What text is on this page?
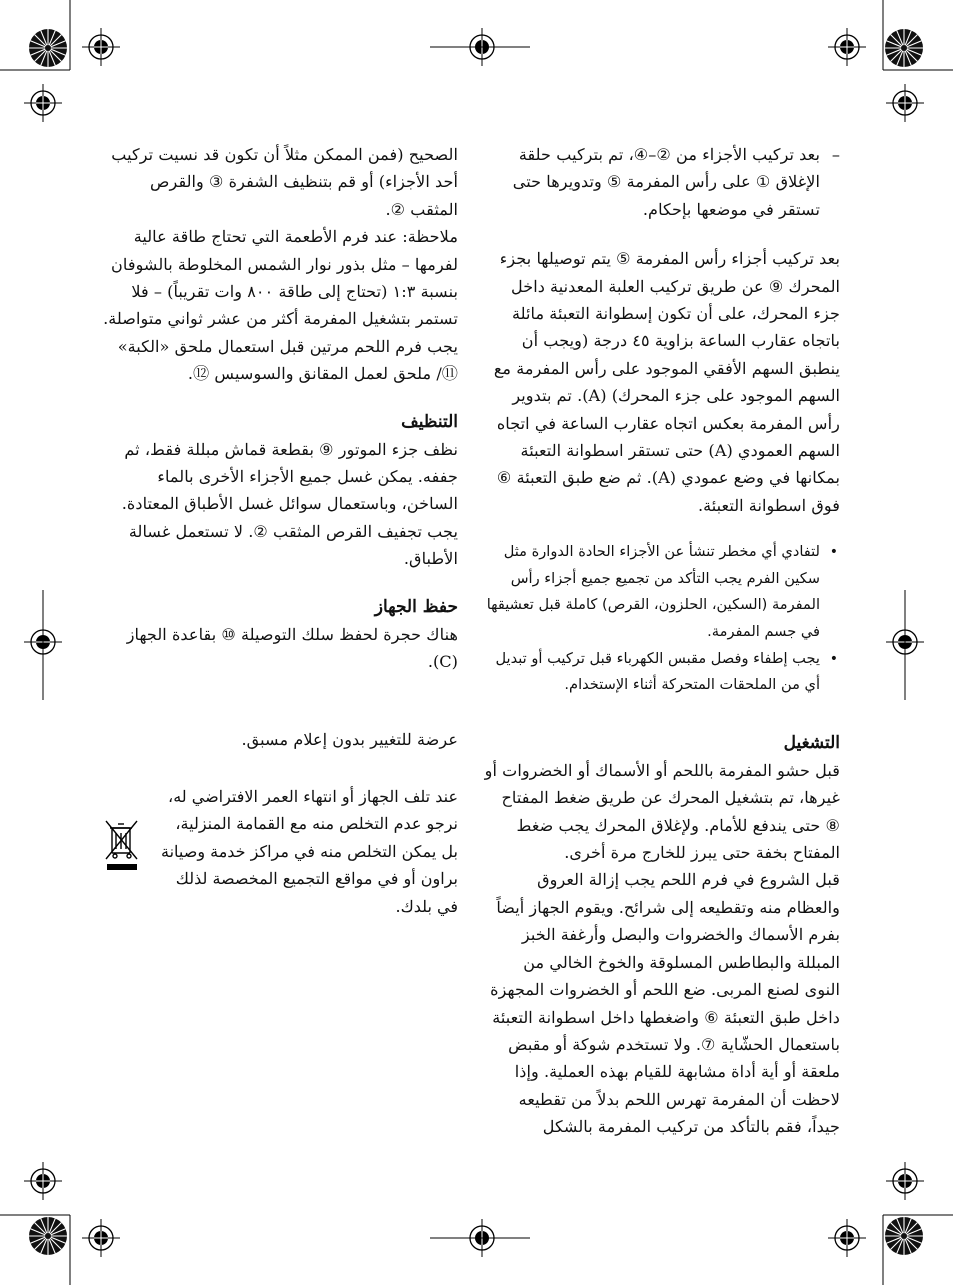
–

بعد تركيب الأجزاء من ②–④، تم بتركيب حلقة الإغلاق ① على رأس المفرمة ⑤ وتدويرها حتى تستقر في موضعها بإحكام.

بعد تركيب أجزاء رأس المفرمة ⑤ يتم توصيلها بجزء المحرك ⑨ عن طريق تركيب العلبة المعدنية داخل جزء المحرك، على أن تكون إسطوانة التعبئة مائلة باتجاه عقارب الساعة بزاوية ٤٥ درجة (ويجب أن ينطبق السهم الأفقي الموجود على رأس المفرمة مع السهم الموجود على جزء المحرك) (A). تم بتدوير رأس المفرمة بعكس اتجاه عقارب الساعة في اتجاه السهم العمودي (A) حتى تستقر اسطوانة التعبئة بمكانها في وضع عمودي (A). ثم ضع طبق التعبئة ⑥ فوق اسطوانة التعبئة.

• لتفادي أي مخطر تنشأ عن الأجزاء الحادة الدوارة مثل سكين الفرم يجب التأكد من تجميع جميع أجزاء رأس المفرمة (السكين، الحلزون، القرص) كاملة قبل تعشيقها في جسم المفرمة.
• يجب إطفاء وفصل مقبس الكهرباء قبل تركيب أو تبديل أي من الملحقات المتحركة أثناء الإستخدام.
التشغيل

قبل حشو المفرمة باللحم أو الأسماك أو الخضروات أو غيرها، تم بتشغيل المحرك عن طريق ضغط المفتاح ⑧ حتى يندفع للأمام. ولإغلاق المحرك يجب ضغط المفتاح بخفة حتى يبرز للخارج مرة أخرى.

قبل الشروع في فرم اللحم يجب إزالة العروق والعظام منه وتقطيعه إلى شرائح. ويقوم الجهاز أيضاً بفرم الأسماك والخضروات والبصل وأرغفة الخبز المبللة والبطاطس المسلوقة والخوخ الخالي من النوى لصنع المربى. ضع اللحم أو الخضروات المجهزة داخل طبق التعبئة ⑥ واضغطها داخل اسطوانة التعبئة باستعمال الحشّاية ⑦. ولا تستخدم شوكة أو مقبض ملعقة أو أية أداة مشابهة للقيام بهذه العملية. وإذا لاحظت أن المفرمة تهرس اللحم بدلاً من تقطيعه جيداً، فقم بالتأكد من تركيب المفرمة بالشكل

الصحيح (فمن الممكن مثلاً أن تكون قد نسيت تركيب أحد الأجزاء) أو قم بتنظيف الشفرة ③ والقرص المثقب ②.

ملاحظة: عند فرم الأطعمة التي تحتاج طاقة عالية لفرمها – مثل بذور نوار الشمس المخلوطة بالشوفان بنسبة ١:٣ (تحتاج إلى طاقة ٨٠٠ وات تقريباً) – فلا تستمر بتشغيل المفرمة أكثر من عشر ثواني متواصلة.

يجب فرم اللحم مرتين قبل استعمال ملحق «الكبة» ⑪/ ملحق لعمل المقانق والسوسيس ⑫.

التنظيف

نظف جزء الموتور ⑨ بقطعة قماش مبللة فقط، ثم جففه. يمكن غسل جميع الأجزاء الأخرى بالماء الساخن، وباستعمال سوائل غسل الأطباق المعتادة. يجب تجفيف القرص المثقب ②. لا تستعمل غسالة الأطباق.

حفظ الجهاز

هناك حجرة لحفظ سلك التوصيلة ⑩ بقاعدة الجهاز (C).

عرضة للتغيير بدون إعلام مسبق.

عند تلف الجهاز أو انتهاء العمر الافتراضي له،
نرجو عدم التخلص منه مع القمامة المنزلية،
بل يمكن التخلص منه في مراكز خدمة وصيانة
براون أو في مواقع التجميع المخصصة لذلك في بلدك.
